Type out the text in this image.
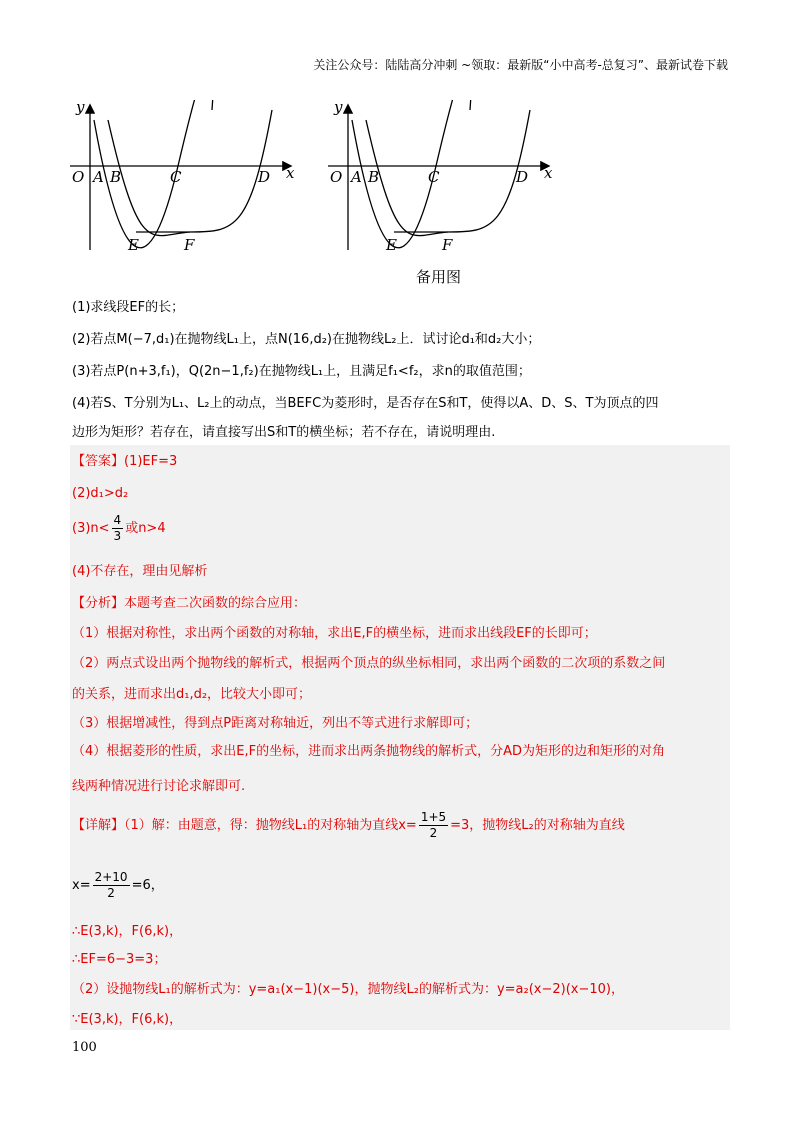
关注公众号：陆陆高分冲刺 ~领取：最新版“小中高考-总复习”、最新试卷下载
y
x
O A B	C	D
E	F
y
x
O A B	C	D
E	F
备用图
(1)求线段EF的长；
(2)若点M(−7,d₁)在抛物线L₁上，点N(16,d₂)在抛物线L₂上．试讨论d₁和d₂大小；
(3)若点P(n+3,f₁)，Q(2n−1,f₂)在抛物线L₁上，且满足f₁<f₂，求n的取值范围；
(4)若S、T分别为L₁、L₂上的动点，当BEFC为菱形时，是否存在S和T，使得以A、D、S、T为顶点的四
边形为矩形？若存在，请直接写出S和T的横坐标；若不存在，请说明理由.
【答案】(1)EF=3
(2)d₁>d₂
$(3)n< \frac{4}{3}$ 或n>4
(4)不存在，理由见解析
【分析】本题考查二次函数的综合应用：
（1）根据对称性，求出两个函数的对称轴，求出E,F的横坐标，进而求出线段EF的长即可；
（2）两点式设出两个抛物线的解析式，根据两个顶点的纵坐标相同，求出两个函数的二次项的系数之间
的关系，进而求出d₁,d₂，比较大小即可；
（3）根据增减性，得到点P距离对称轴近，列出不等式进行求解即可；
（4）根据菱形的性质，求出E,F的坐标，进而求出两条抛物线的解析式，分AD为矩形的边和矩形的对角
线两种情况进行讨论求解即可.
【详解】（1）解：由题意，得：抛物线L₁的对称轴为直线$x= \frac{1+5}{2} =3$，抛物线L₂的对称轴为直线
$x= \frac{2+10}{2} =6$，
∴E(3,k)，F(6,k)，
∴EF=6−3=3；
（2）设抛物线L₁的解析式为：y=a₁(x−1)(x−5)，抛物线L₂的解析式为：y=a₂(x−2)(x−10)，
∵E(3,k)，F(6,k)，
100
